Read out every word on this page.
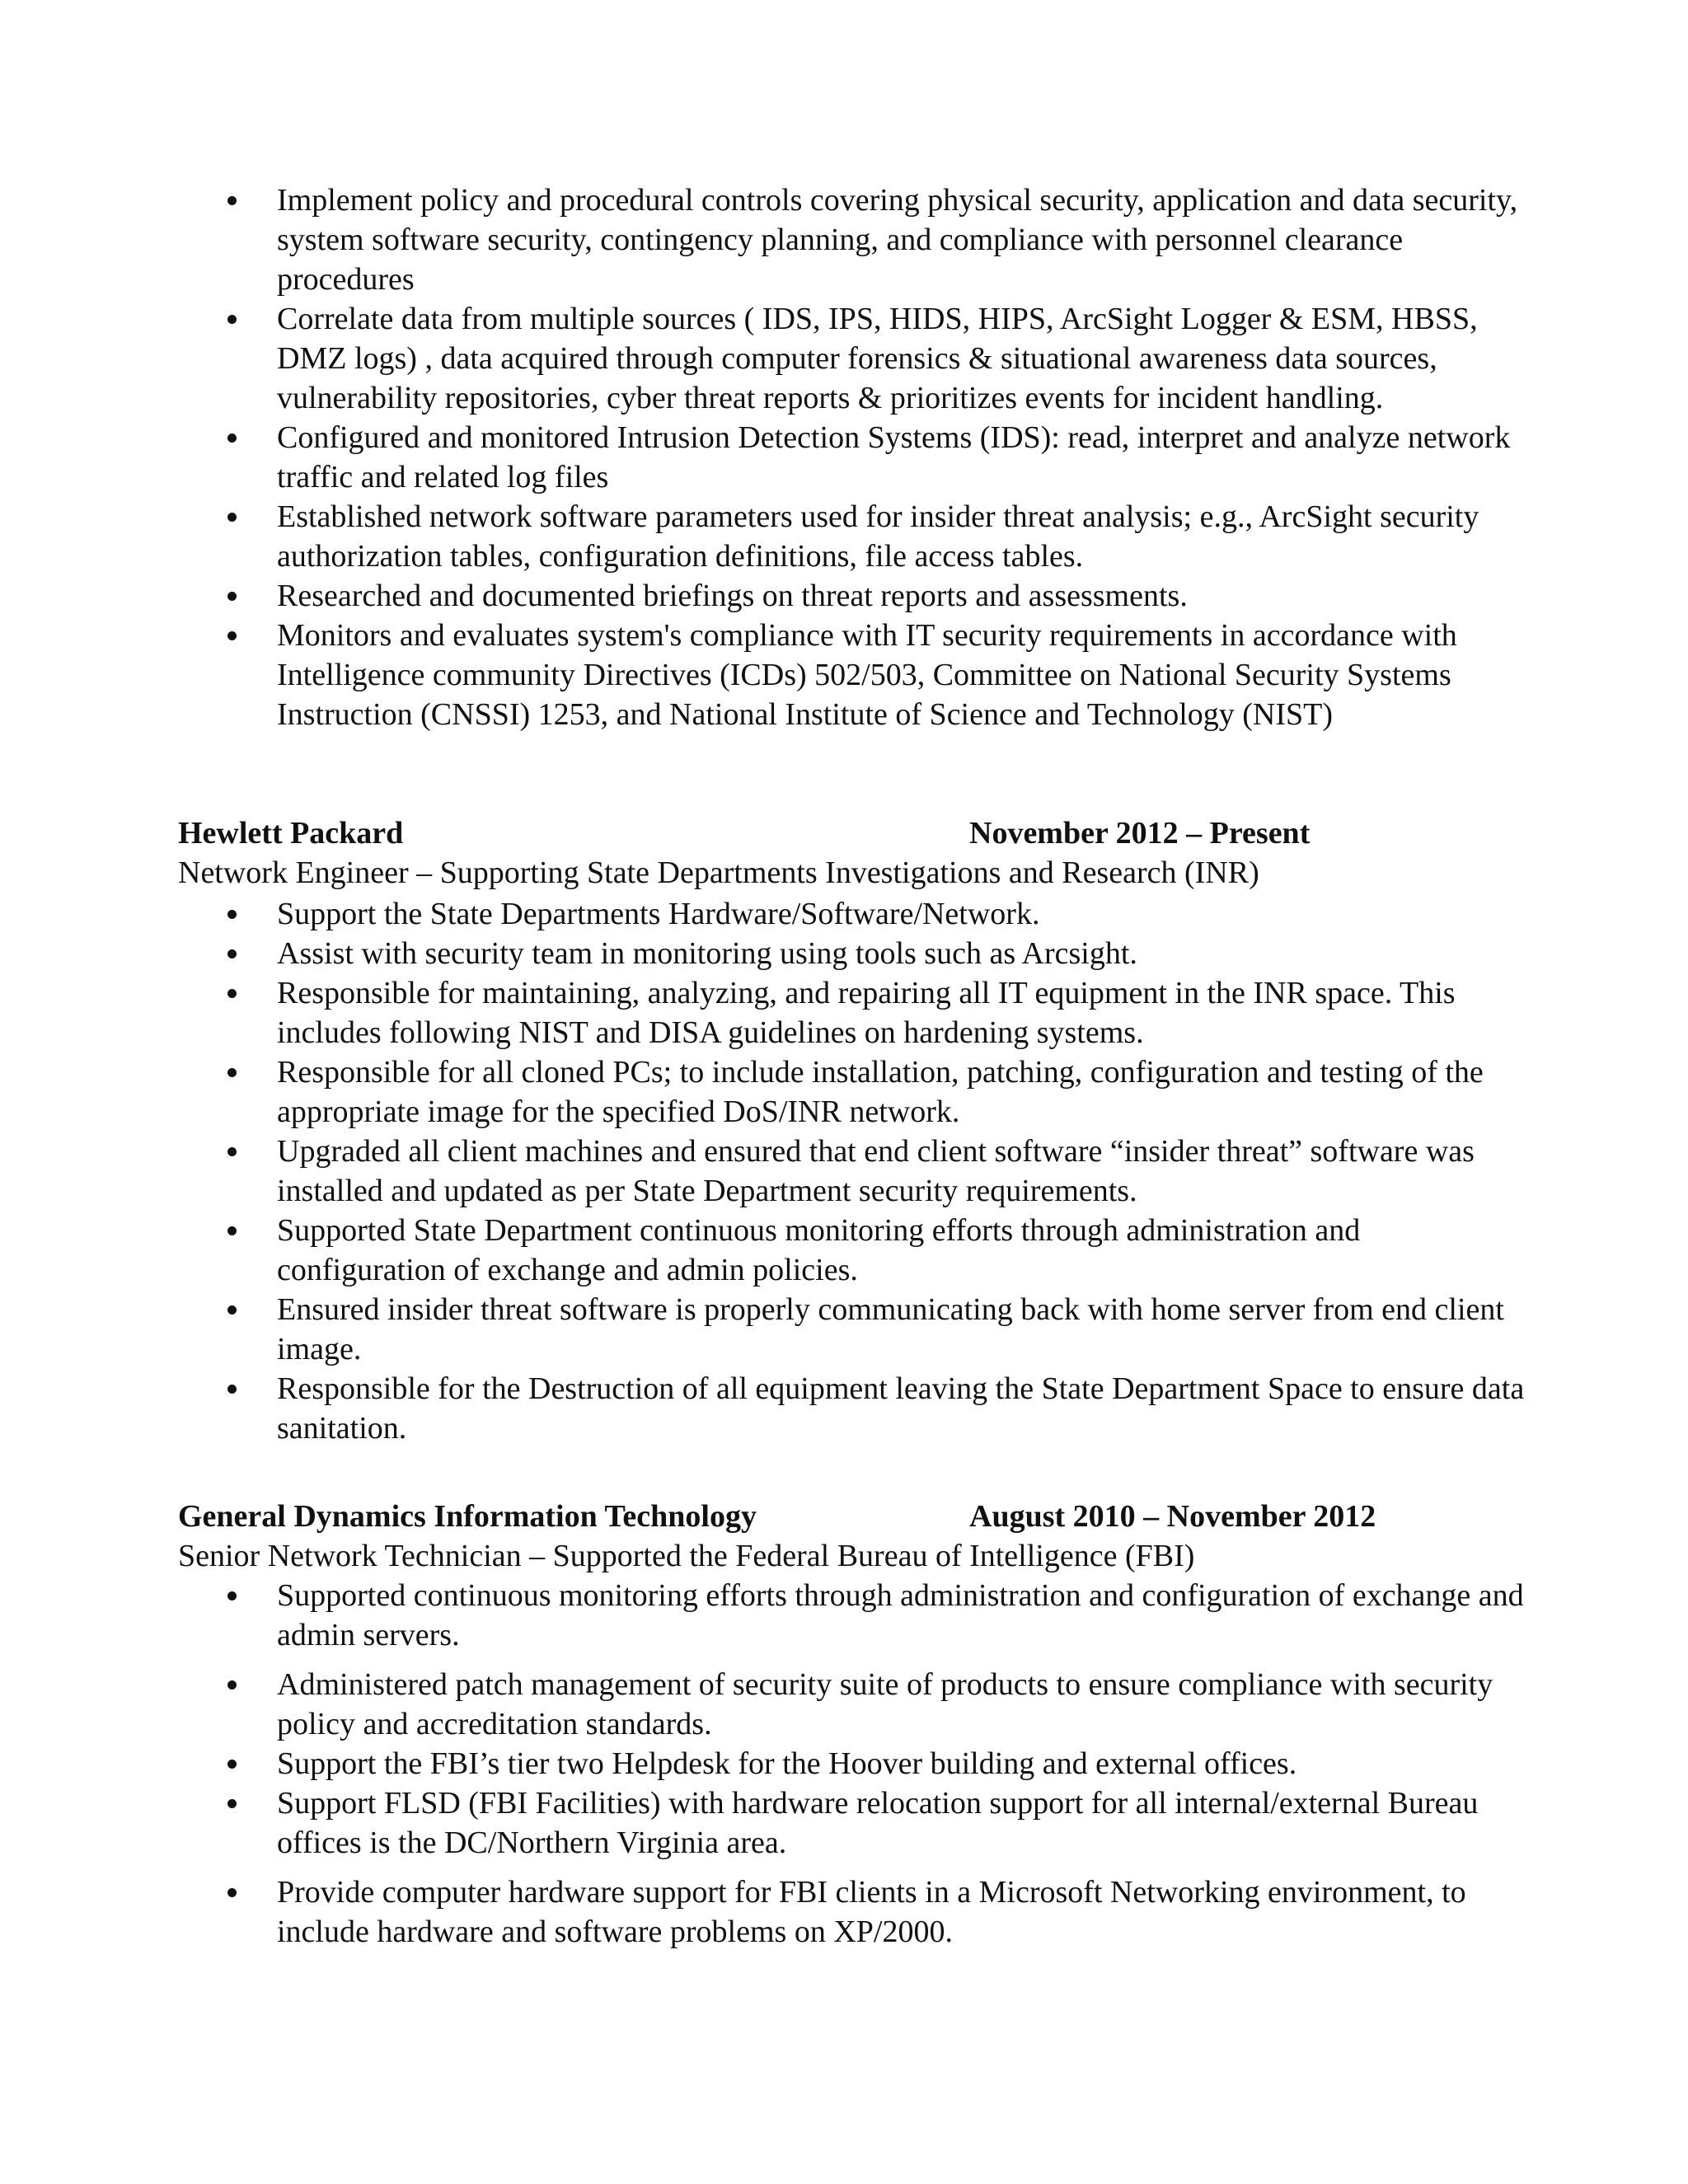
Implement policy and procedural controls covering physical security, application and data security, system software security, contingency planning, and compliance with personnel clearance procedures
Correlate data from multiple sources ( IDS, IPS, HIDS, HIPS, ArcSight Logger & ESM, HBSS, DMZ logs) , data acquired through computer forensics & situational awareness data sources, vulnerability repositories, cyber threat reports & prioritizes events for incident handling.
Configured and monitored Intrusion Detection Systems (IDS): read, interpret and analyze network traffic and related log files
Established network software parameters used for insider threat analysis; e.g., ArcSight security authorization tables, configuration definitions, file access tables.
Researched and documented briefings on threat reports and assessments.
Monitors and evaluates system's compliance with IT security requirements in accordance with Intelligence community Directives (ICDs) 502/503, Committee on National Security Systems Instruction (CNSSI) 1253, and National Institute of Science and Technology (NIST)
Hewlett Packard	November 2012 – Present
Network Engineer – Supporting State Departments Investigations and Research (INR)
Support the State Departments Hardware/Software/Network.
Assist with security team in monitoring using tools such as Arcsight.
Responsible for maintaining, analyzing, and repairing all IT equipment in the INR space. This includes following NIST and DISA guidelines on hardening systems.
Responsible for all cloned PCs; to include installation, patching, configuration and testing of the appropriate image for the specified DoS/INR network.
Upgraded all client machines and ensured that end client software “insider threat” software was installed and updated as per State Department security requirements.
Supported State Department continuous monitoring efforts through administration and configuration of exchange and admin policies.
Ensured insider threat software is properly communicating back with home server from end client image.
Responsible for the Destruction of all equipment leaving the State Department Space to ensure data sanitation.
General Dynamics Information Technology	August 2010 – November 2012
Senior Network Technician – Supported the Federal Bureau of Intelligence (FBI)
Supported continuous monitoring efforts through administration and configuration of exchange and admin servers.
Administered patch management of security suite of products to ensure compliance with security policy and accreditation standards.
Support the FBI’s tier two Helpdesk for the Hoover building and external offices.
Support FLSD (FBI Facilities) with hardware relocation support for all internal/external Bureau offices is the DC/Northern Virginia area.
Provide computer hardware support for FBI clients in a Microsoft Networking environment, to include hardware and software problems on XP/2000.
